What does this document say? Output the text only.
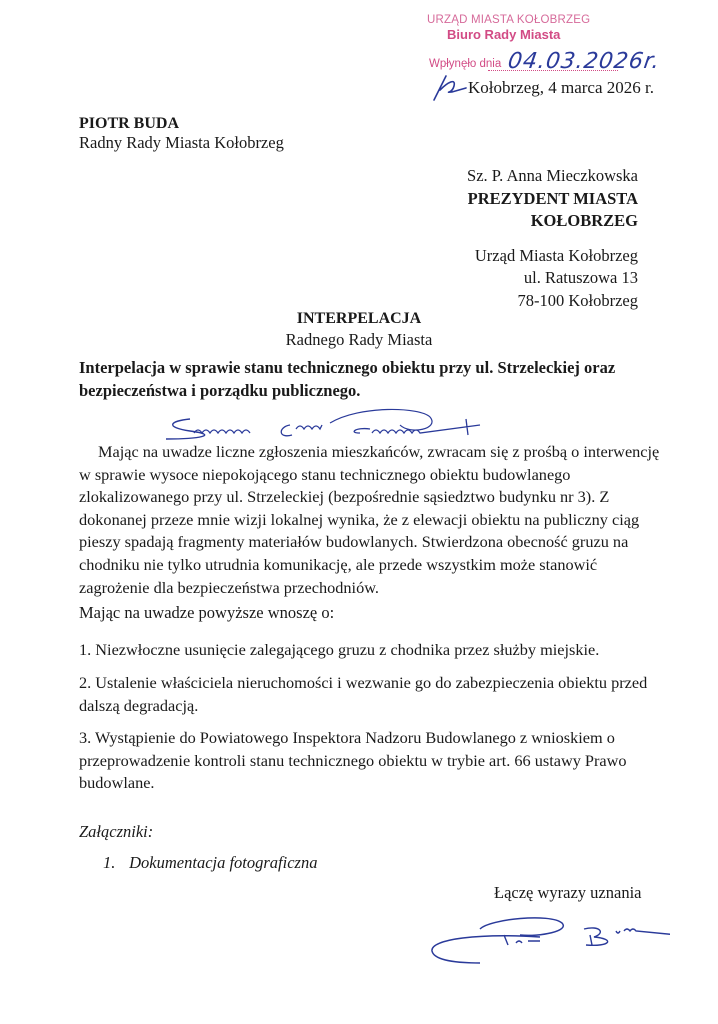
URZĄD MIASTA KOŁOBRZEG
Biuro Rady Miasta
Wpłynęło dnia 04.03.2026r.
Kołobrzeg, 4 marca 2026 r.
PIOTR BUDA
Radny Rady Miasta Kołobrzeg
Sz. P. Anna Mieczkowska
PREZYDENT MIASTA
KOŁOBRZEG
Urząd Miasta Kołobrzeg
ul. Ratuszowa 13
78-100 Kołobrzeg
INTERPELACJA
Radnego Rady Miasta
Interpelacja w sprawie stanu technicznego obiektu przy ul. Strzeleckiej oraz bezpieczeństwa i porządku publicznego.
Mając na uwadze liczne zgłoszenia mieszkańców, zwracam się z prośbą o interwencję w sprawie wysoce niepokojącego stanu technicznego obiektu budowlanego zlokalizowanego przy ul. Strzeleckiej (bezpośrednie sąsiedztwo budynku nr 3). Z dokonanej przeze mnie wizji lokalnej wynika, że z elewacji obiektu na publiczny ciąg pieszy spadają fragmenty materiałów budowlanych. Stwierdzona obecność gruzu na chodniku nie tylko utrudnia komunikację, ale przede wszystkim może stanowić zagrożenie dla bezpieczeństwa przechodniów.
Mając na uwadze powyższe wnoszę o:
1. Niezwłoczne usunięcie zalegającego gruzu z chodnika przez służby miejskie.
2. Ustalenie właściciela nieruchomości i wezwanie go do zabezpieczenia obiektu przed dalszą degradacją.
3. Wystąpienie do Powiatowego Inspektora Nadzoru Budowlanego z wnioskiem o przeprowadzenie kontroli stanu technicznego obiektu w trybie art. 66 ustawy Prawo budowlane.
Załączniki:
1. Dokumentacja fotograficzna
Łączę wyrazy uznania
